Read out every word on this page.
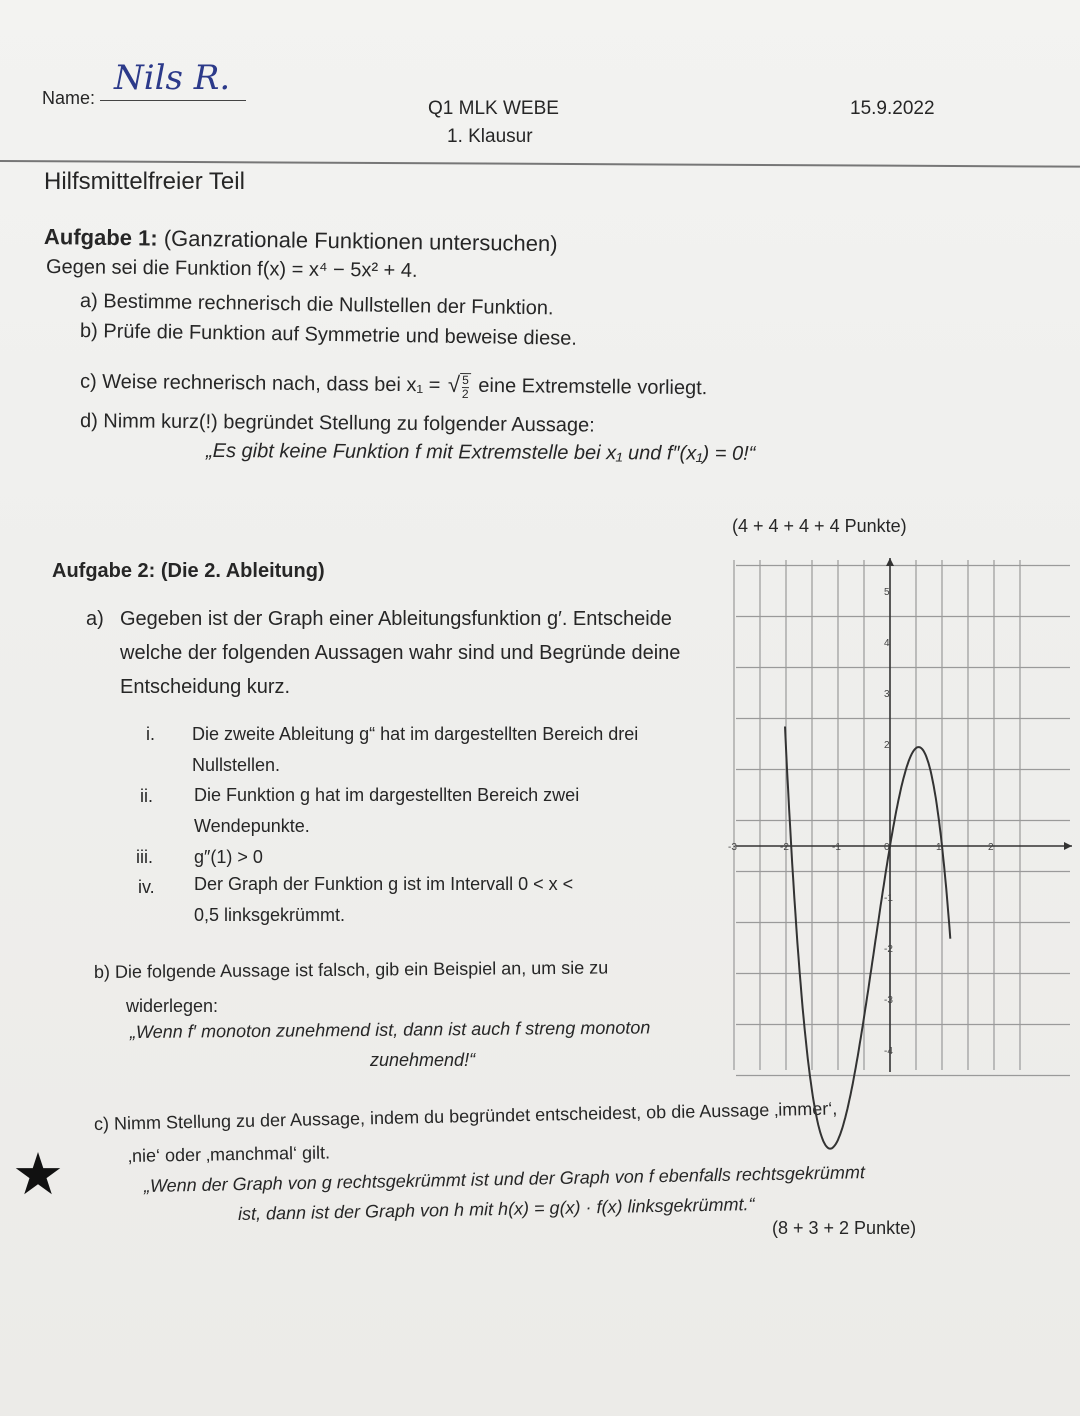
Name: Nils R.
Q1 MLK WEBE
1. Klausur
15.9.2022
Hilfsmittelfreier Teil
Aufgabe 1: (Ganzrationale Funktionen untersuchen)
Gegen sei die Funktion f(x) = x⁴ − 5x² + 4.
a) Bestimme rechnerisch die Nullstellen der Funktion.
b) Prüfe die Funktion auf Symmetrie und beweise diese.
c) Weise rechnerisch nach, dass bei x₁ = √ $\frac{5}{2}$ eine Extremstelle vorliegt.
d) Nimm kurz(!) begründet Stellung zu folgender Aussage:
„Es gibt keine Funktion f mit Extremstelle bei x₁ und f″(x₁) = 0!“
(4 + 4 + 4 + 4 Punkte)
Aufgabe 2: (Die 2. Ableitung)
a) Gegeben ist der Graph einer Ableitungsfunktion g′. Entscheide
welche der folgenden Aussagen wahr sind und Begründe deine
Entscheidung kurz.
i. Die zweite Ableitung g“ hat im dargestellten Bereich drei
Nullstellen.
ii. Die Funktion g hat im dargestellten Bereich zwei
Wendepunkte.
iii. g″(1) > 0
iv. Der Graph der Funktion g ist im Intervall 0 < x <
0,5 linksgekrümmt.
b) Die folgende Aussage ist falsch, gib ein Beispiel an, um sie zu
widerlegen:
„Wenn f′ monoton zunehmend ist, dann ist auch f streng monoton
zunehmend!“
c) Nimm Stellung zu der Aussage, indem du begründet entscheidest, ob die Aussage ‚immer‘,
‚nie‘ oder ‚manchmal‘ gilt.
„Wenn der Graph von g rechtsgekrümmt ist und der Graph von f ebenfalls rechtsgekrümmt
ist, dann ist der Graph von h mit h(x) = g(x) · f(x) linksgekrümmt.“
(8 + 3 + 2 Punkte)
★
-3	-2	-1	0	1	2
5
4
3
2
-1
-2
-3
-4
